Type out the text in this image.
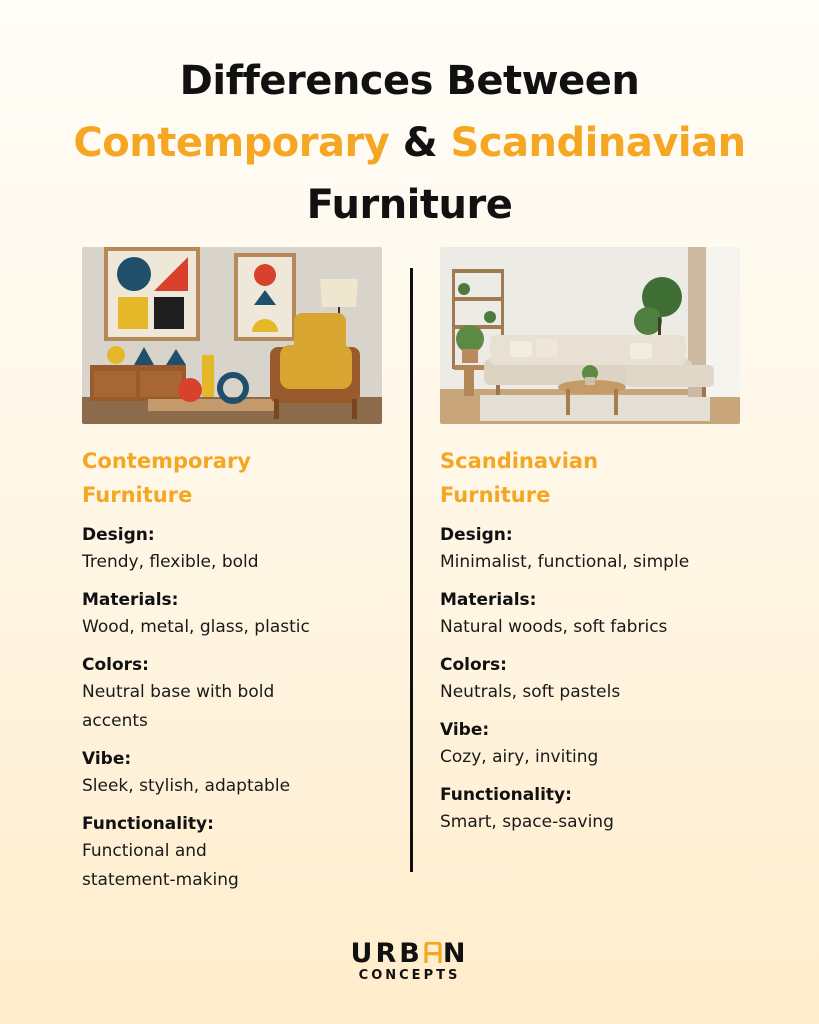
Differences Between
Contemporary & Scandinavian
Furniture
Contemporary
Furniture
Design:
Trendy, flexible, bold
Materials:
Wood, metal, glass, plastic
Colors:
Neutral base with bold accents
Vibe:
Sleek, stylish, adaptable
Functionality:
Functional and statement-making
Scandinavian
Furniture
Design:
Minimalist, functional, simple
Materials:
Natural woods, soft fabrics
Colors:
Neutrals, soft pastels
Vibe:
Cozy, airy, inviting
Functionality:
Smart, space-saving
URB N
CONCEPTS
